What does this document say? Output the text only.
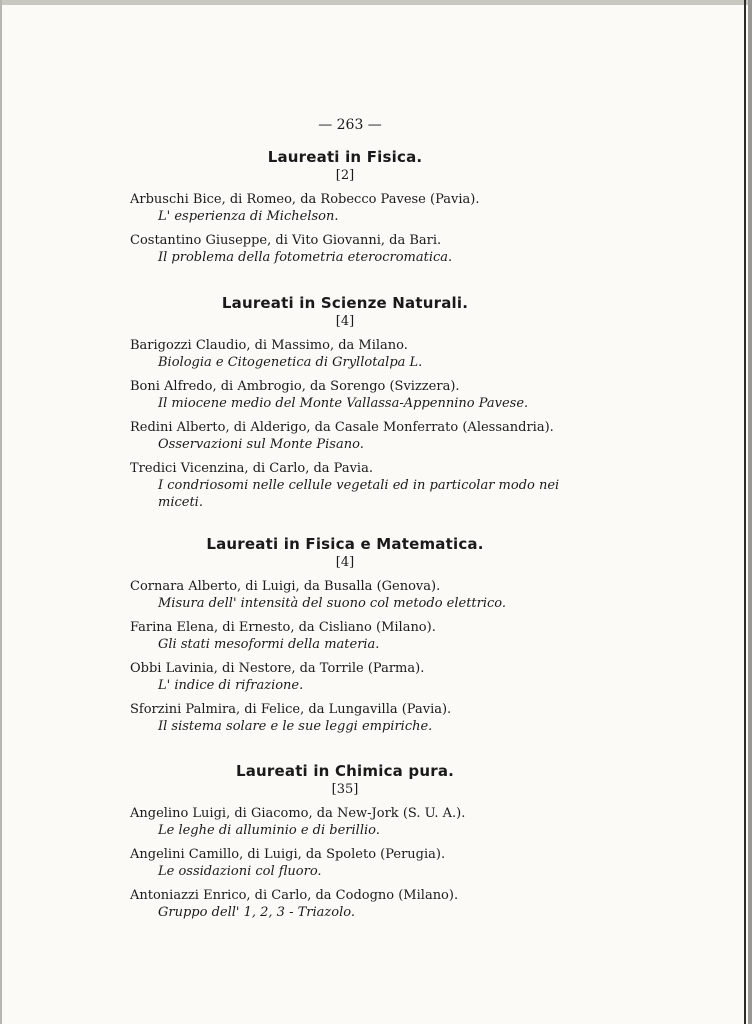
— 263 —
Laureati in Fisica.
[2]
Arbuschi Bice, di Romeo, da Robecco Pavese (Pavia).
L' esperienza di Michelson.
Costantino Giuseppe, di Vito Giovanni, da Bari.
Il problema della fotometria eterocromatica.
Laureati in Scienze Naturali.
[4]
Barigozzi Claudio, di Massimo, da Milano.
Biologia e Citogenetica di Gryllotalpa L.
Boni Alfredo, di Ambrogio, da Sorengo (Svizzera).
Il miocene medio del Monte Vallassa-Appennino Pavese.
Redini Alberto, di Alderigo, da Casale Monferrato (Alessandria).
Osservazioni sul Monte Pisano.
Tredici Vicenzina, di Carlo, da Pavia.
I condriosomi nelle cellule vegetali ed in particolar modo nei miceti.
Laureati in Fisica e Matematica.
[4]
Cornara Alberto, di Luigi, da Busalla (Genova).
Misura dell' intensità del suono col metodo elettrico.
Farina Elena, di Ernesto, da Cisliano (Milano).
Gli stati mesoformi della materia.
Obbi Lavinia, di Nestore, da Torrile (Parma).
L' indice di rifrazione.
Sforzini Palmira, di Felice, da Lungavilla (Pavia).
Il sistema solare e le sue leggi empiriche.
Laureati in Chimica pura.
[35]
Angelino Luigi, di Giacomo, da New-Jork (S. U. A.).
Le leghe di alluminio e di berillio.
Angelini Camillo, di Luigi, da Spoleto (Perugia).
Le ossidazioni col fluoro.
Antoniazzi Enrico, di Carlo, da Codogno (Milano).
Gruppo dell' 1, 2, 3 - Triazolo.
